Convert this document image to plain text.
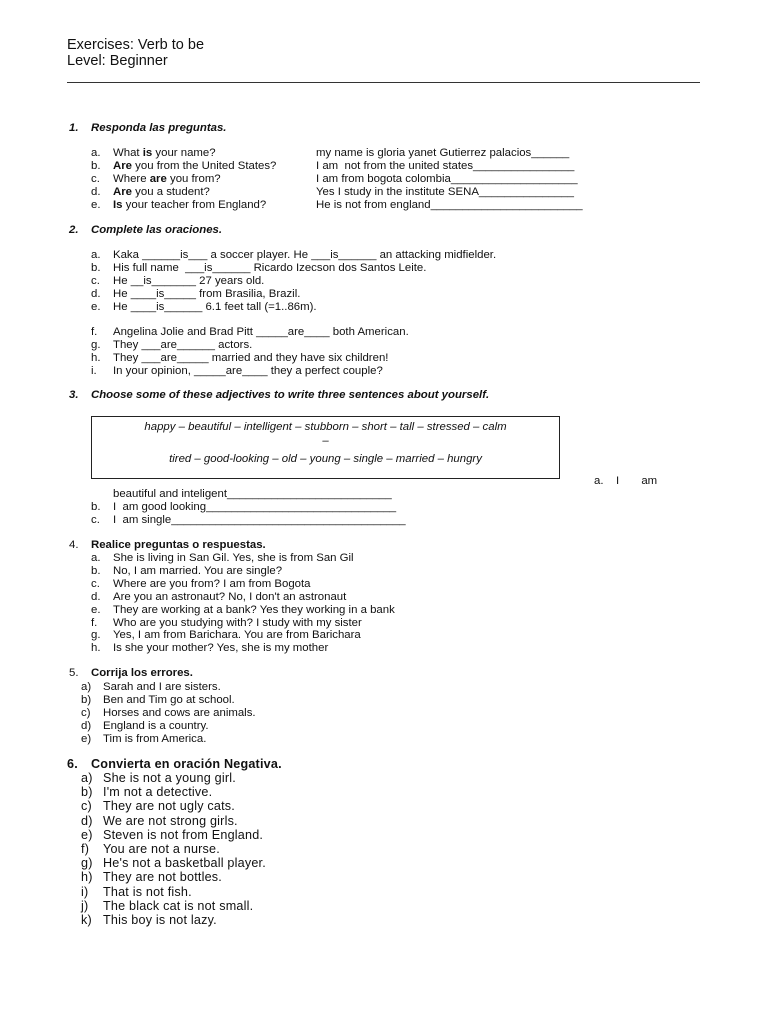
Exercises: Verb to be
Level: Beginner
1. Responda las preguntas.
a. What is your name?	my name is gloria yanet Gutierrez palacios______
b. Are you from the United States?	I am  not from the united states________________
c. Where are you from?	I am from bogota colombia____________________
d. Are you a student?	Yes I study in the institute SENA_______________
e. Is your teacher from England?	He is not from england________________________
2. Complete las oraciones.
a. Kaka ______is___ a soccer player. He ___is______ an attacking midfielder.
b. His full name  ___is______ Ricardo Izecson dos Santos Leite.
c. He __is_______ 27 years old.
d. He ____is_____ from Brasilia, Brazil.
e. He ____is______ 6.1 feet tall (=1..86m).
f. Angelina Jolie and Brad Pitt _____are____ both American.
g. They ___are______ actors.
h. They ___are_____ married and they have six children!
i. In your opinion, _____are____ they a perfect couple?
3. Choose some of these adjectives to write three sentences about yourself.
happy – beautiful – intelligent – stubborn – short – tall – stressed – calm
–
tired – good-looking – old – young – single – married – hungry
a. I       am
beautiful and inteligent__________________________
b. I  am good looking______________________________
c. I  am single_____________________________________
4. Realice preguntas o respuestas.
a. She is living in San Gil. Yes, she is from San Gil
b. No, I am married. You are single?
c. Where are you from? I am from Bogota
d. Are you an astronaut? No, I don't an astronaut
e. They are working at a bank? Yes they working in a bank
f. Who are you studying with? I study with my sister
g. Yes, I am from Barichara. You are from Barichara
h. Is she your mother? Yes, she is my mother
5. Corrija los errores.
a) Sarah and I are sisters.
b) Ben and Tim go at school.
c) Horses and cows are animals.
d) England is a country.
e) Tim is from America.
6. Convierta en oración Negativa.
a) She is not a young girl.
b) I'm not a detective.
c) They are not ugly cats.
d) We are not strong girls.
e) Steven is not from England.
f) You are not a nurse.
g) He's not a basketball player.
h) They are not bottles.
i) That is not fish.
j) The black cat is not small.
k) This boy is not lazy.
